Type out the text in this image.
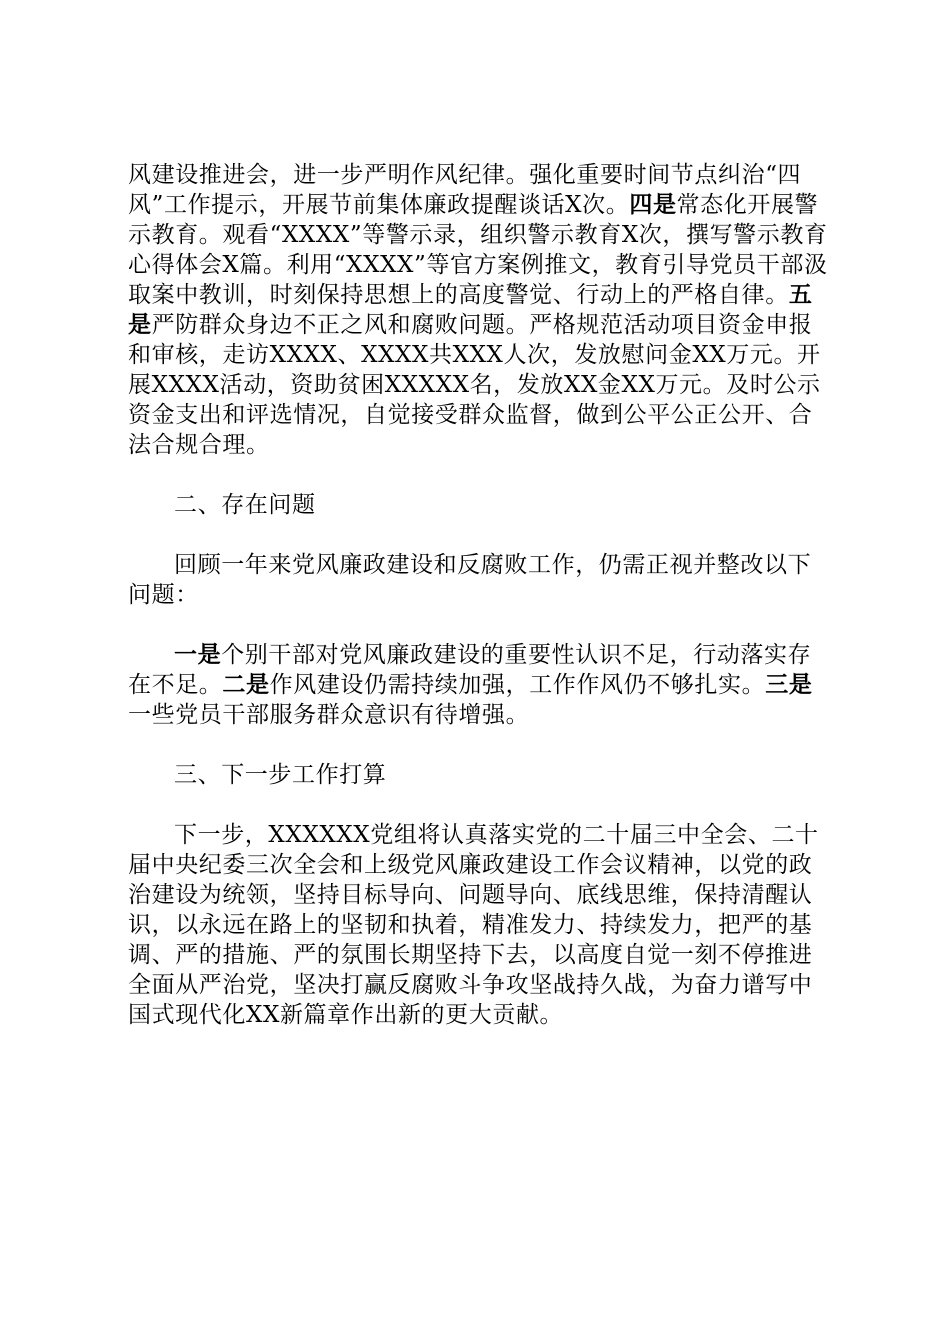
风建设推进会，进一步严明作风纪律。强化重要时间节点纠治“四风”工作提示，开展节前集体廉政提醒谈话X次。四是常态化开展警示教育。观看“XXXX”等警示录，组织警示教育X次，撰写警示教育心得体会X篇。利用“XXXX”等官方案例推文，教育引导党员干部汲取案中教训，时刻保持思想上的高度警觉、行动上的严格自律。五是严防群众身边不正之风和腐败问题。严格规范活动项目资金申报和审核，走访XXXX、XXXX共XXX人次，发放慰问金XX万元。开展XXXX活动，资助贫困XXXXX名，发放XX金XX万元。及时公示资金支出和评选情况，自觉接受群众监督，做到公平公正公开、合法合规合理。

二、存在问题

回顾一年来党风廉政建设和反腐败工作，仍需正视并整改以下问题：

一是个别干部对党风廉政建设的重要性认识不足，行动落实存在不足。二是作风建设仍需持续加强，工作作风仍不够扎实。三是一些党员干部服务群众意识有待增强。

三、下一步工作打算

下一步，XXXXXX党组将认真落实党的二十届三中全会、二十届中央纪委三次全会和上级党风廉政建设工作会议精神，以党的政治建设为统领，坚持目标导向、问题导向、底线思维，保持清醒认识，以永远在路上的坚韧和执着，精准发力、持续发力，把严的基调、严的措施、严的氛围长期坚持下去，以高度自觉一刻不停推进全面从严治党，坚决打赢反腐败斗争攻坚战持久战，为奋力谱写中国式现代化XX新篇章作出新的更大贡献。
